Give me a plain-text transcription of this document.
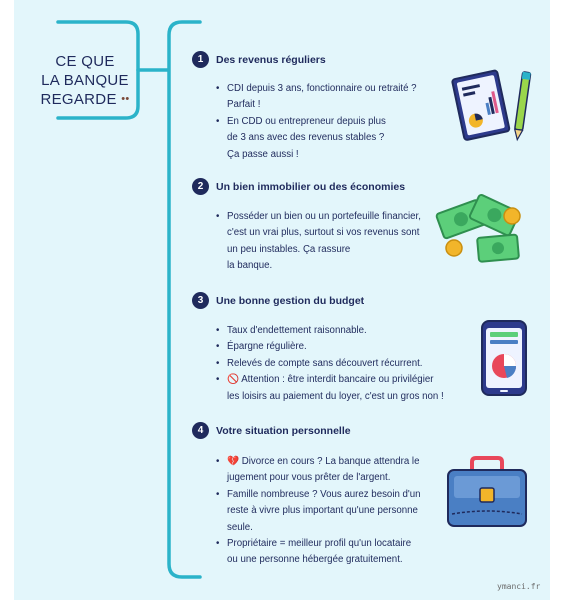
CE QUE
LA BANQUE
REGARDE ••
1	Des revenus réguliers
• CDI depuis 3 ans, fonctionnaire ou retraité ?
Parfait !
• En CDD ou entrepreneur depuis plus
de 3 ans avec des revenus stables ?
Ça passe aussi !
2	Un bien immobilier ou des économies
• Posséder un bien ou un portefeuille financier,
c'est un vrai plus, surtout si vos revenus sont
un peu instables. Ça rassure
la banque.
3	Une bonne gestion du budget
• Taux d'endettement raisonnable.
• Épargne régulière.
• Relevés de compte sans découvert récurrent.
• 🚫 Attention : être interdit bancaire ou privilégier
les loisirs au paiement du loyer, c'est un gros non !
4	Votre situation personnelle
• 💔 Divorce en cours ? La banque attendra le
jugement pour vous prêter de l'argent.
• Famille nombreuse ? Vous aurez besoin d'un
reste à vivre plus important qu'une personne
seule.
• Propriétaire = meilleur profil qu'un locataire
ou une personne hébergée gratuitement.
ymanci.fr
